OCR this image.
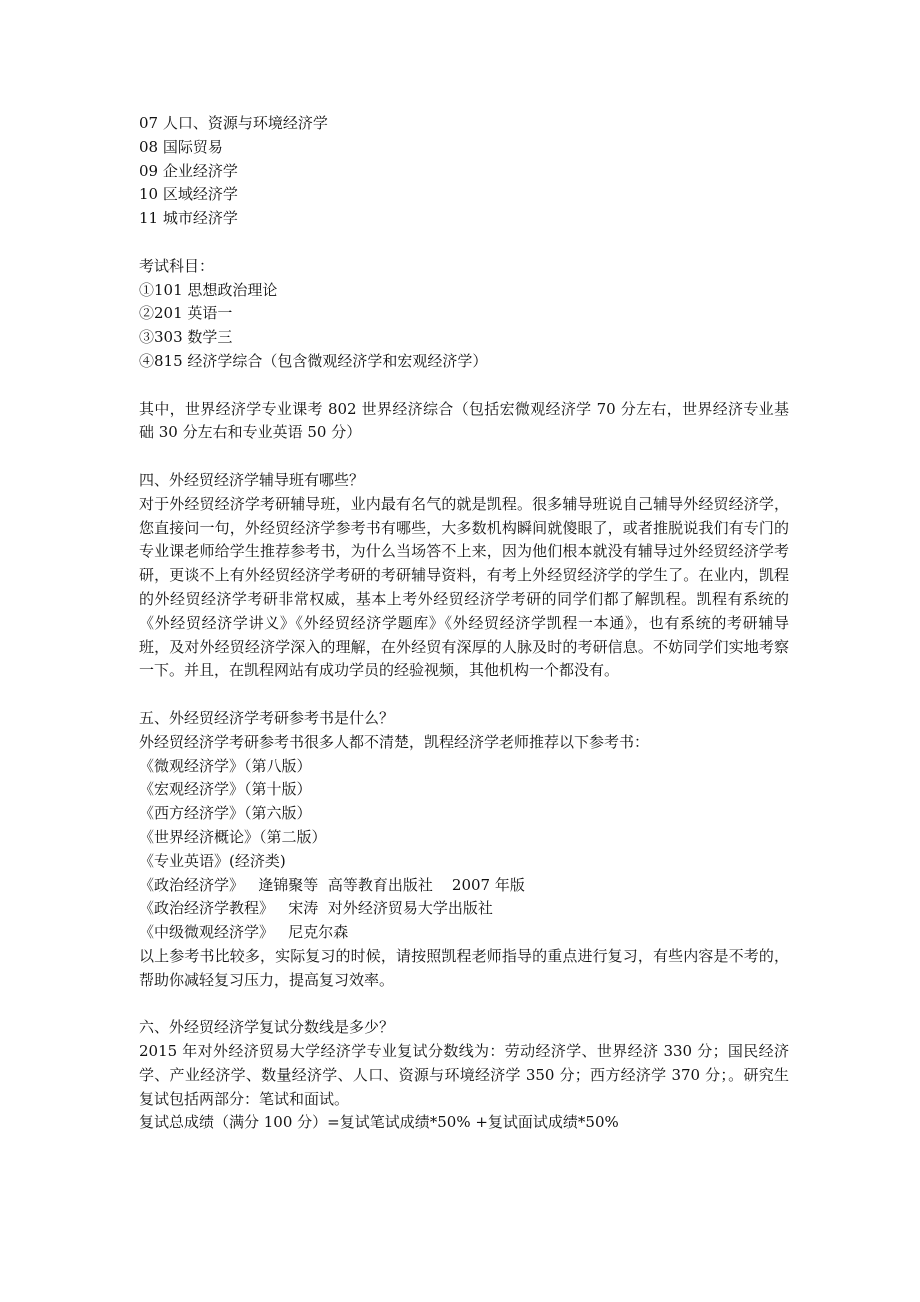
07 人口、资源与环境经济学
08 国际贸易
09 企业经济学
10 区域经济学
11 城市经济学
考试科目：
①101 思想政治理论
②201 英语一
③303 数学三
④815 经济学综合（包含微观经济学和宏观经济学）
其中，世界经济学专业课考 802 世界经济综合（包括宏微观经济学 70 分左右，世界经济专业基础 30 分左右和专业英语 50 分）
四、外经贸经济学辅导班有哪些？
对于外经贸经济学考研辅导班，业内最有名气的就是凯程。很多辅导班说自己辅导外经贸经济学，您直接问一句，外经贸经济学参考书有哪些，大多数机构瞬间就傻眼了，或者推脱说我们有专门的专业课老师给学生推荐参考书，为什么当场答不上来，因为他们根本就没有辅导过外经贸经济学考研，更谈不上有外经贸经济学考研的考研辅导资料，有考上外经贸经济学的学生了。在业内，凯程的外经贸经济学考研非常权威，基本上考外经贸经济学考研的同学们都了解凯程。凯程有系统的《外经贸经济学讲义》《外经贸经济学题库》《外经贸经济学凯程一本通》，也有系统的考研辅导班，及对外经贸经济学深入的理解，在外经贸有深厚的人脉及时的考研信息。不妨同学们实地考察一下。并且，在凯程网站有成功学员的经验视频，其他机构一个都没有。
五、外经贸经济学考研参考书是什么？
外经贸经济学考研参考书很多人都不清楚，凯程经济学老师推荐以下参考书：
《微观经济学》（第八版）
《宏观经济学》（第十版）
《西方经济学》（第六版）
《世界经济概论》（第二版）
《专业英语》(经济类)
《政治经济学》   逄锦聚等  高等教育出版社    2007 年版
《政治经济学教程》   宋涛  对外经济贸易大学出版社
《中级微观经济学》   尼克尔森
以上参考书比较多，实际复习的时候，请按照凯程老师指导的重点进行复习，有些内容是不考的，帮助你减轻复习压力，提高复习效率。
六、外经贸经济学复试分数线是多少？
2015 年对外经济贸易大学经济学专业复试分数线为：劳动经济学、世界经济 330 分；国民经济学、产业经济学、数量经济学、人口、资源与环境经济学 350 分；西方经济学 370 分；。研究生复试包括两部分：笔试和面试。
复试总成绩（满分 100 分）=复试笔试成绩*50% +复试面试成绩*50%
